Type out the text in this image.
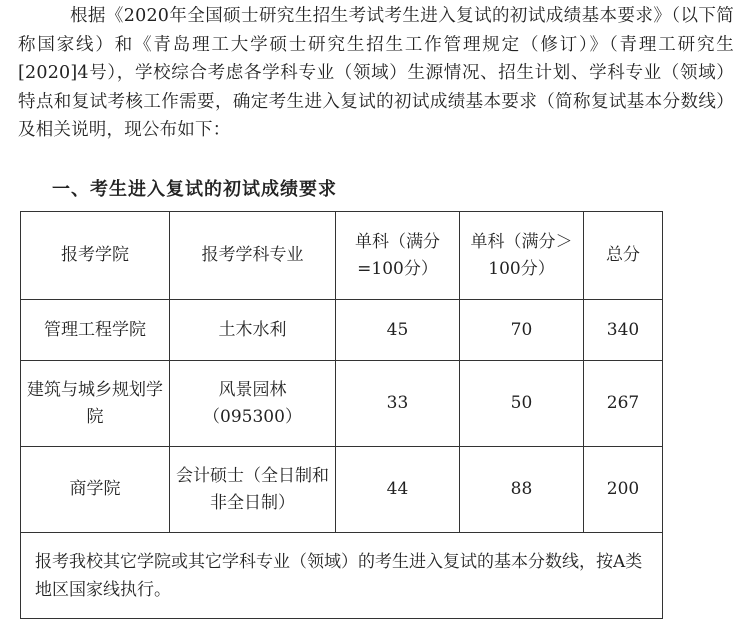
根据《2020年全国硕士研究生招生考试考生进入复试的初试成绩基本要求》（以下简称国家线）和《青岛理工大学硕士研究生招生工作管理规定（修订）》（青理工研究生[2020]4号），学校综合考虑各学科专业（领域）生源情况、招生计划、学科专业（领域）特点和复试考核工作需要，确定考生进入复试的初试成绩基本要求（简称复试基本分数线）及相关说明，现公布如下：

一、考生进入复试的初试成绩要求
报考学院	报考学科专业	单科（满分=100分）	单科（满分＞100分）	总分
管理工程学院	土木水利	45	70	340
建筑与城乡规划学院	风景园林（095300）	33	50	267
商学院	会计硕士（全日制和非全日制）	44	88	200
报考我校其它学院或其它学科专业（领域）的考生进入复试的基本分数线，按A类地区国家线执行。				
